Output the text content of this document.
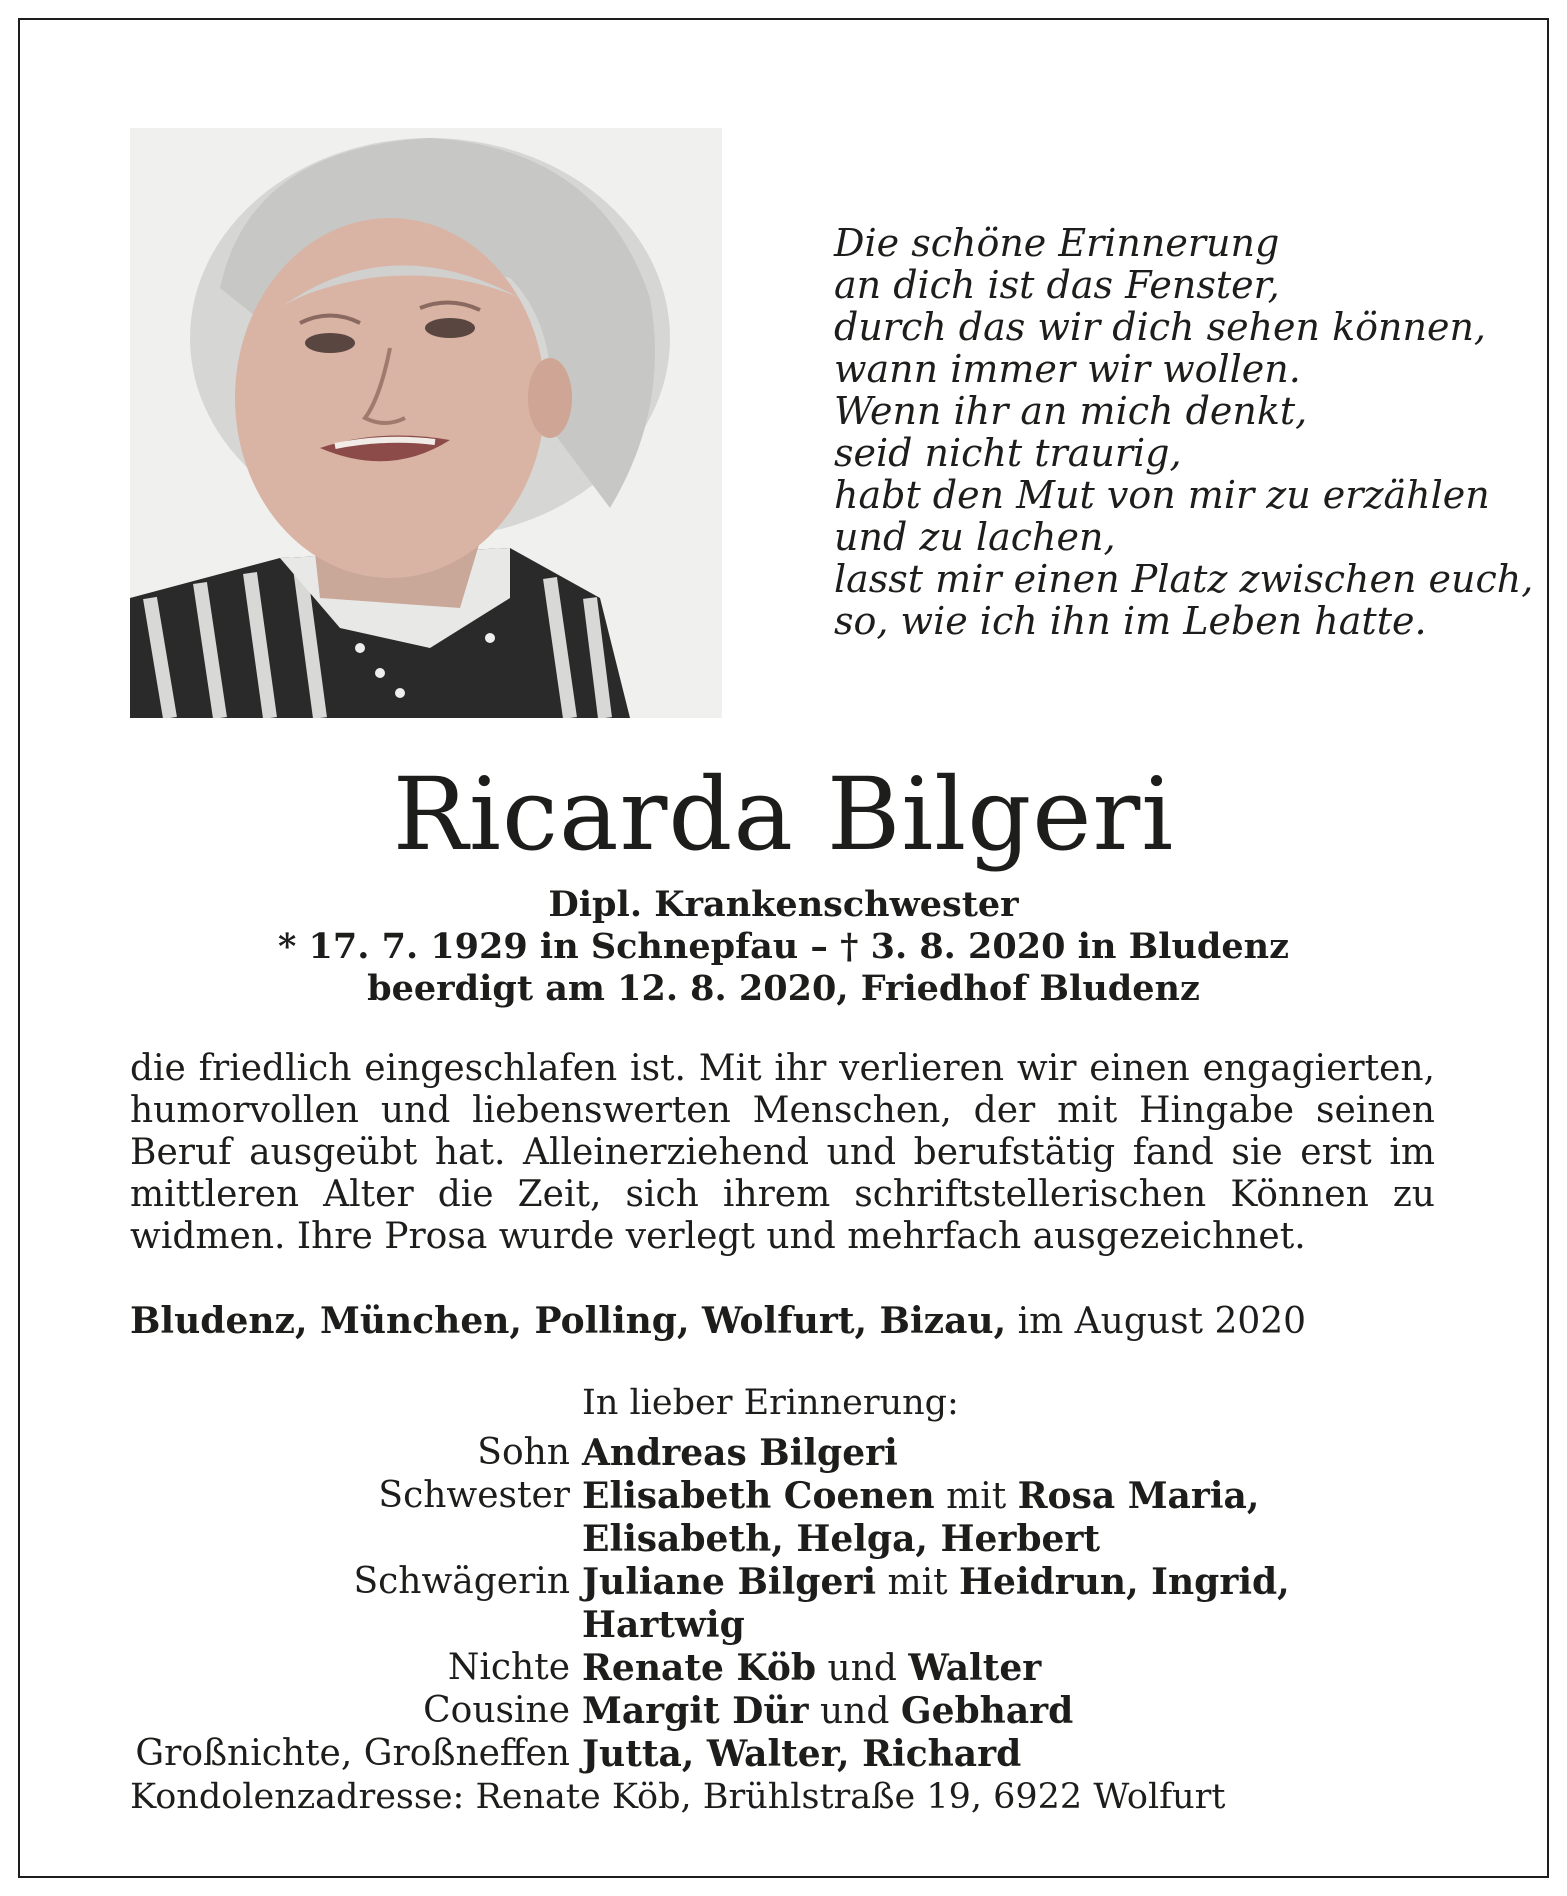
Die schöne Erinnerung
an dich ist das Fenster,
durch das wir dich sehen können,
wann immer wir wollen.
Wenn ihr an mich denkt,
seid nicht traurig,
habt den Mut von mir zu erzählen
und zu lachen,
lasst mir einen Platz zwischen euch,
so, wie ich ihn im Leben hatte.
Ricarda Bilgeri
Dipl. Krankenschwester
* 17. 7. 1929 in Schnepfau – † 3. 8. 2020 in Bludenz
beerdigt am 12. 8. 2020, Friedhof Bludenz
die friedlich eingeschlafen ist. Mit ihr verlieren wir einen engagierten, humorvollen und liebenswerten Menschen, der mit Hingabe seinen Beruf ausgeübt hat. Alleinerziehend und berufstätig fand sie erst im mittleren Alter die Zeit, sich ihrem schriftstellerischen Können zu widmen. Ihre Prosa wurde verlegt und mehrfach ausgezeichnet.
Bludenz, München, Polling, Wolfurt, Bizau, im August 2020
In lieber Erinnerung:
Sohn Andreas Bilgeri
Schwester Elisabeth Coenen mit Rosa Maria, Elisabeth, Helga, Herbert
Schwägerin Juliane Bilgeri mit Heidrun, Ingrid, Hartwig
Nichte Renate Köb und Walter
Cousine Margit Dür und Gebhard
Großnichte, Großneffen Jutta, Walter, Richard
Kondolenzadresse: Renate Köb, Brühlstraße 19, 6922 Wolfurt
